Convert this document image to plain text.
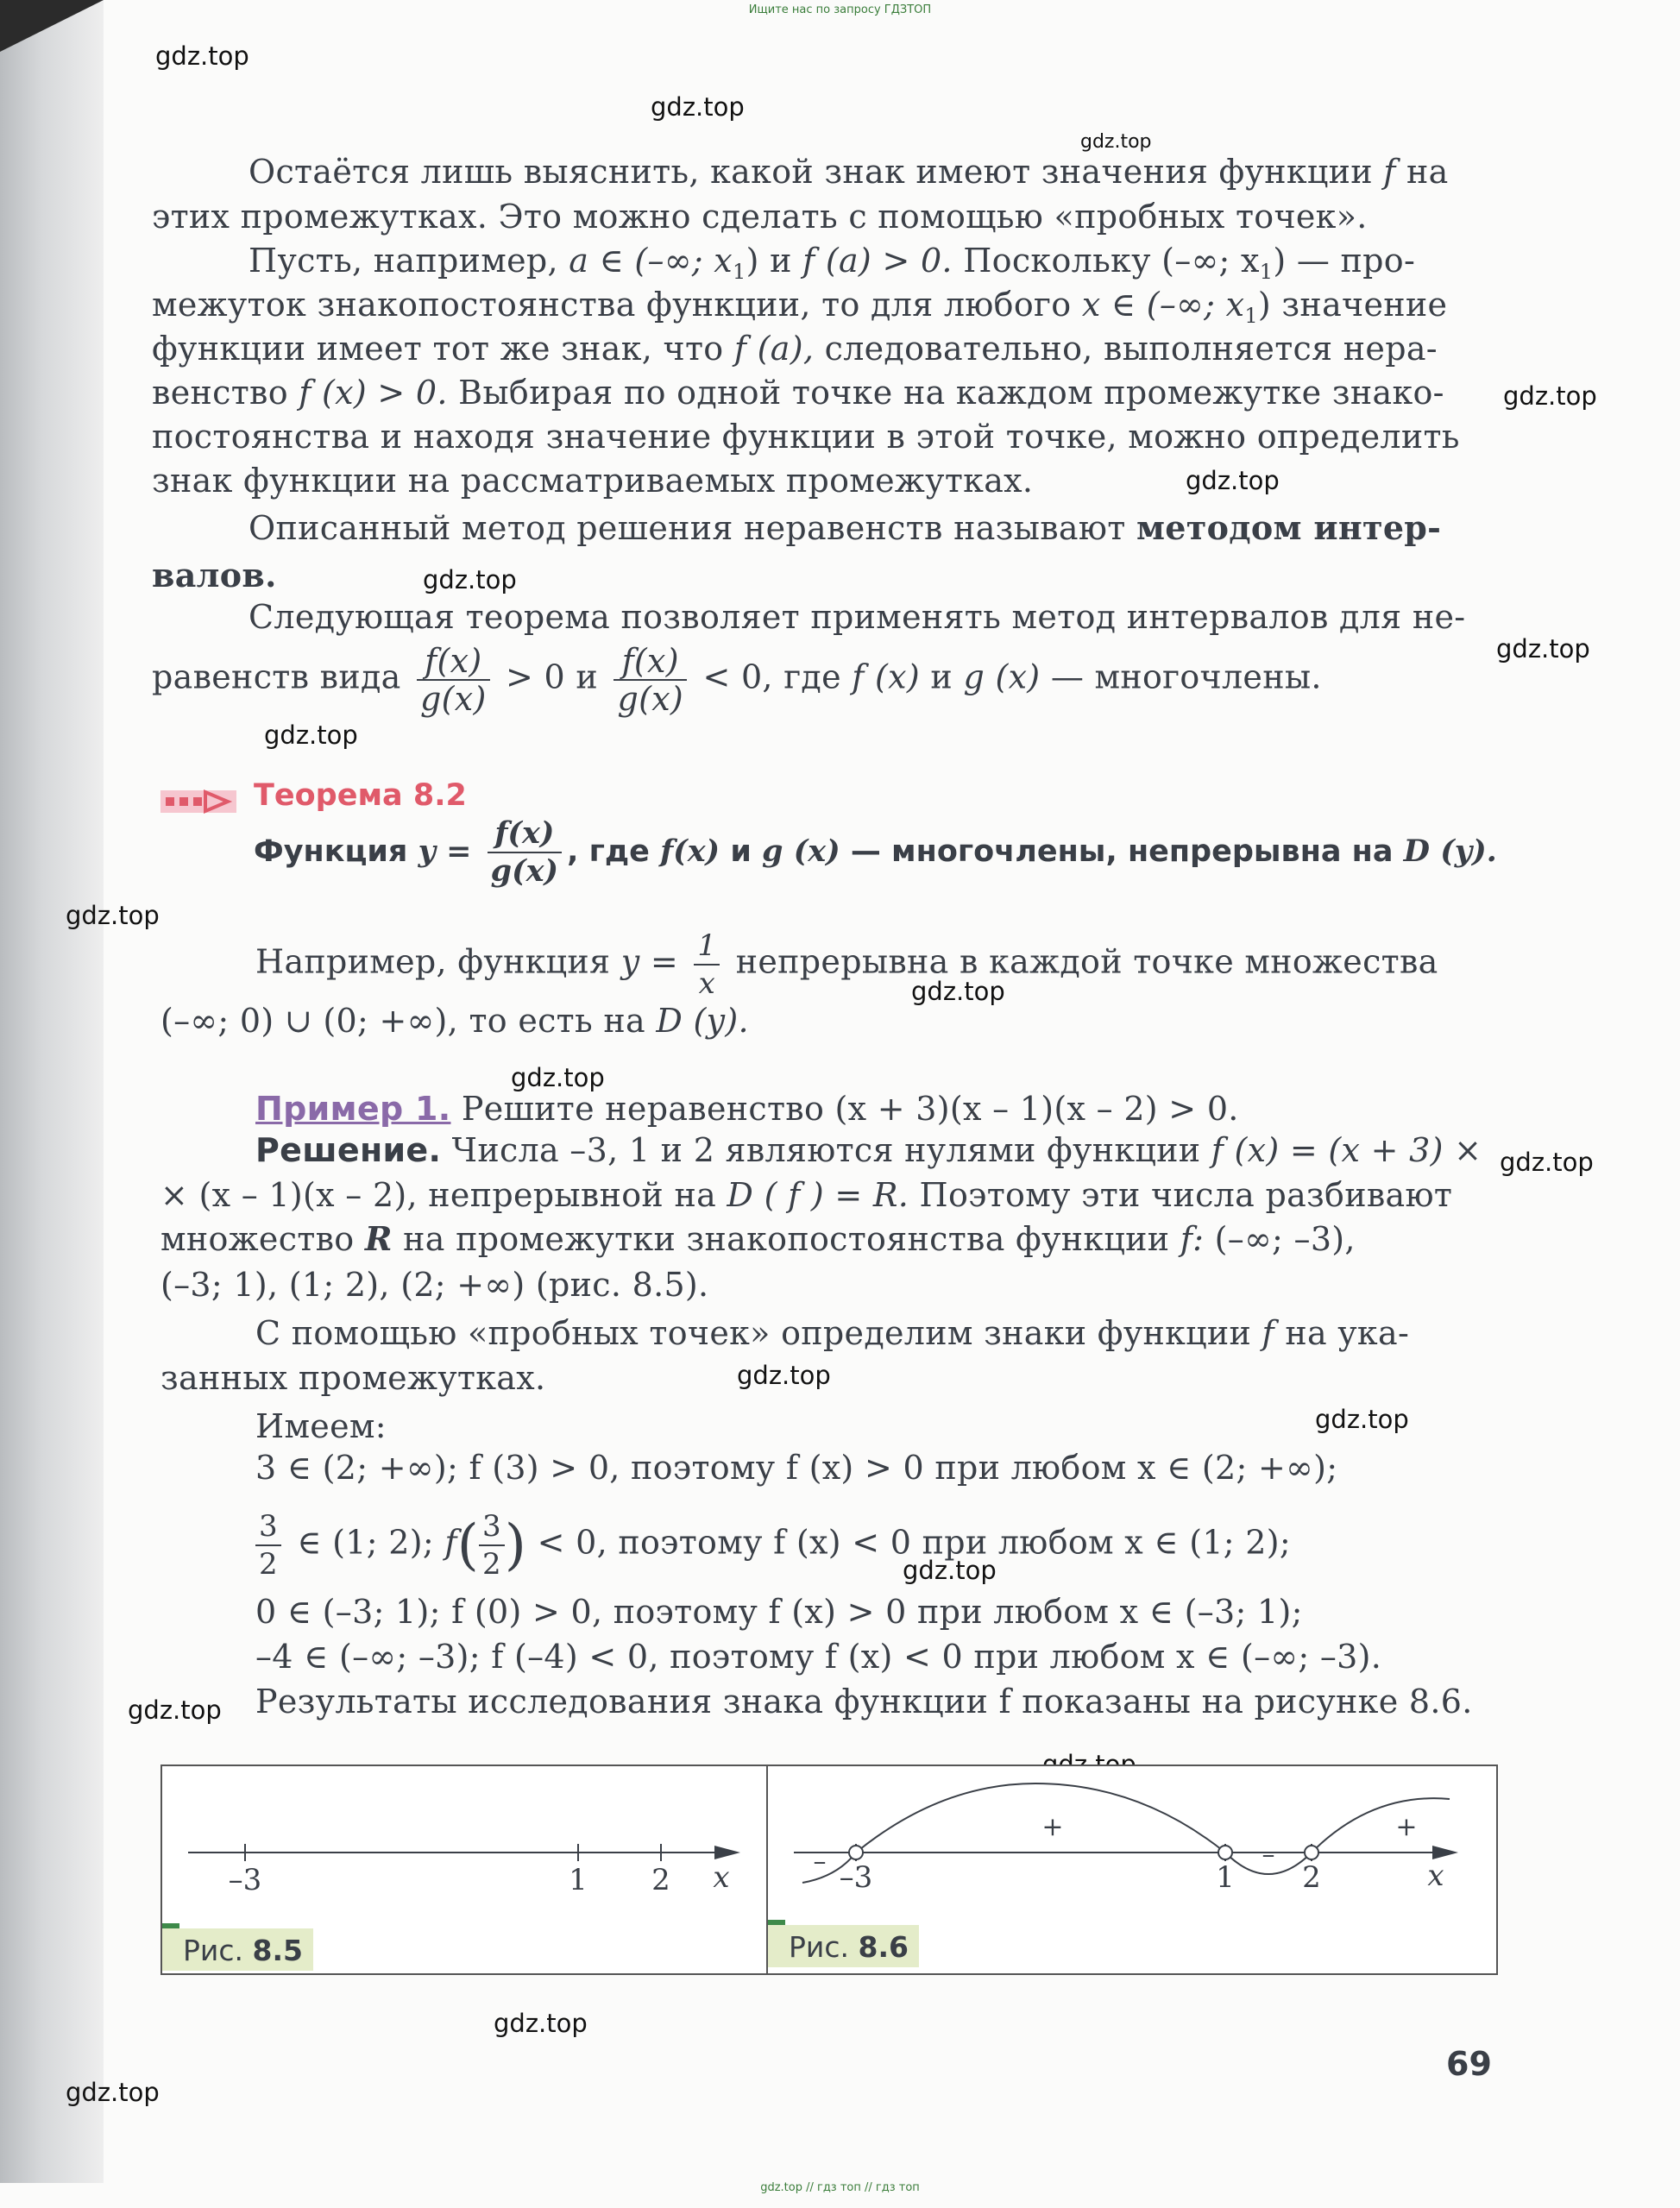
Ищите нас по запросу ГДЗТОП
gdz.top
gdz.top
gdz.top
gdz.top
gdz.top
gdz.top
gdz.top
gdz.top
gdz.top
gdz.top
gdz.top
gdz.top
gdz.top
gdz.top
gdz.top
gdz.top
gdz.top
gdz.top
Остаётся лишь выяснить, какой знак имеют значения функции f на
этих промежутках. Это можно сделать с помощью «пробных точек».
Пусть, например, a ∈ (–∞; $x_1$) и f (a) > 0. Поскольку (–∞; $x_1$) — про-
межуток знакопостоянства функции, то для любого x ∈ (–∞; $x_1$) значение
функции имеет тот же знак, что f (a), следовательно, выполняется нера-
венство f (x) > 0. Выбирая по одной точке на каждом промежутке знако-
постоянства и находя значение функции в этой точке, можно определить
знак функции на рассматриваемых промежутках.
Описанный метод решения неравенств называют методом интер-
валов.
Следующая теорема позволяет применять метод интервалов для не-
равенств вида $\frac{f(x)}{g(x)} > 0$ и $\frac{f(x)}{g(x)} < 0$, где f (x) и g (x) — многочлены.
Теорема 8.2
Функция $y = \frac{f(x)}{g(x)}$ , где f(x) и g (x) — многочлены, непрерывна на D (y).
Например, функция $y = \frac{1}{x}$ непрерывна в каждой точке множества
(–∞; 0) ∪ (0; +∞), то есть на D (y).
Пример 1. Решите неравенство (x + 3)(x – 1)(x – 2) > 0.
Решение. Числа –3, 1 и 2 являются нулями функции f (x) = (x + 3) ×
× (x – 1)(x – 2), непрерывной на D ( f ) = R. Поэтому эти числа разбивают
множество R на промежутки знакопостоянства функции f: (–∞; –3),
(–3; 1), (1; 2), (2; +∞) (рис. 8.5).
С помощью «пробных точек» определим знаки функции f на ука-
занных промежутках.
Имеем:
3 ∈ (2; +∞); f (3) > 0, поэтому f (x) > 0 при любом x ∈ (2; +∞);
$\frac{3}{2}$ ∈ (1; 2); $f( \frac{3}{2}$ ) < 0, поэтому f (x) < 0 при любом x ∈ (1; 2);
0 ∈ (–3; 1); f (0) > 0, поэтому f (x) > 0 при любом x ∈ (–3; 1);
–4 ∈ (–∞; –3); f (–4) < 0, поэтому f (x) < 0 при любом x ∈ (–∞; –3).
Результаты исследования знака функции f показаны на рисунке 8.6.
–3	1 2 x
Рис. 8.5
–
+
–
+
–3	1 2	x
Рис. 8.6
69
gdz.top // гдз топ // гдз топ
